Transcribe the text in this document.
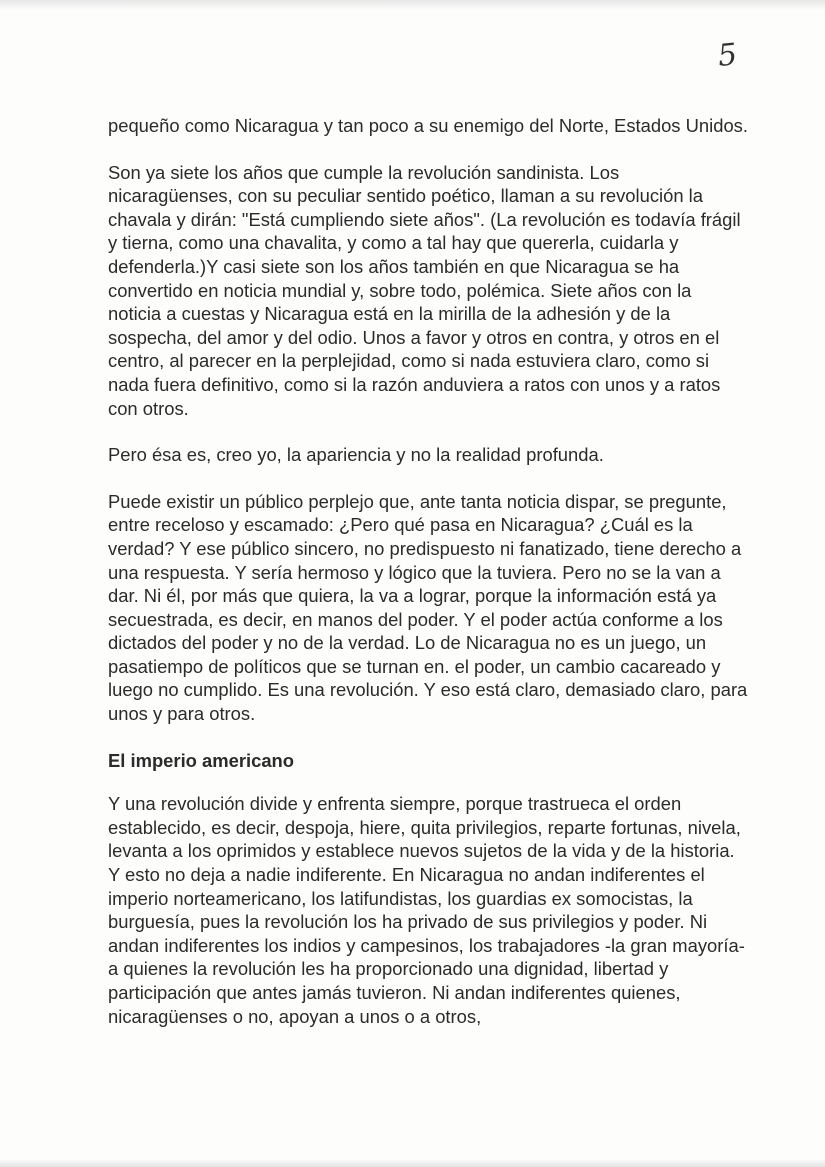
5

pequeño como Nicaragua y tan poco a su enemigo del Norte, Estados Unidos.

Son ya siete los años que cumple la revolución sandinista. Los nicaragüenses, con su peculiar sentido poético, llaman a su revolución la chavala y dirán: "Está cumpliendo siete años". (La revolución es todavía frágil y tierna, como una chavalita, y como a tal hay que quererla, cuidarla y defenderla.)Y casi siete son los años también en que Nicaragua se ha convertido en noticia mundial y, sobre todo, polémica. Siete años con la noticia a cuestas y Nicaragua está en la mirilla de la adhesión y de la sospecha, del amor y del odio. Unos a favor y otros en contra, y otros en el centro, al parecer en la perplejidad, como si nada estuviera claro, como si nada fuera definitivo, como si la razón anduviera a ratos con unos y a ratos con otros.

Pero ésa es, creo yo, la apariencia y no la realidad profunda.

Puede existir un público perplejo que, ante tanta noticia dispar, se pregunte, entre receloso y escamado: ¿Pero qué pasa en Nicaragua? ¿Cuál es la verdad? Y ese público sincero, no predispuesto ni fanatizado, tiene derecho a una respuesta. Y sería hermoso y lógico que la tuviera. Pero no se la van a dar. Ni él, por más que quiera, la va a lograr, porque la información está ya secuestrada, es decir, en manos del poder. Y el poder actúa conforme a los dictados del poder y no de la verdad. Lo de Nicaragua no es un juego, un pasatiempo de políticos que se turnan en. el poder, un cambio cacareado y luego no cumplido. Es una revolución. Y eso está claro, demasiado claro, para unos y para otros.

El imperio americano

Y una revolución divide y enfrenta siempre, porque trastrueca el orden establecido, es decir, despoja, hiere, quita privilegios, reparte fortunas, nivela, levanta a los oprimidos y establece nuevos sujetos de la vida y de la historia. Y esto no deja a nadie indiferente. En Nicaragua no andan indiferentes el imperio norteamericano, los latifundistas, los guardias ex somocistas, la burguesía, pues la revolución los ha privado de sus privilegios y poder. Ni andan indiferentes los indios y campesinos, los trabajadores -la gran mayoría- a quienes la revolución les ha proporcionado una dignidad, libertad y participación que antes jamás tuvieron. Ni andan indiferentes quienes, nicaragüenses o no, apoyan a unos o a otros,
